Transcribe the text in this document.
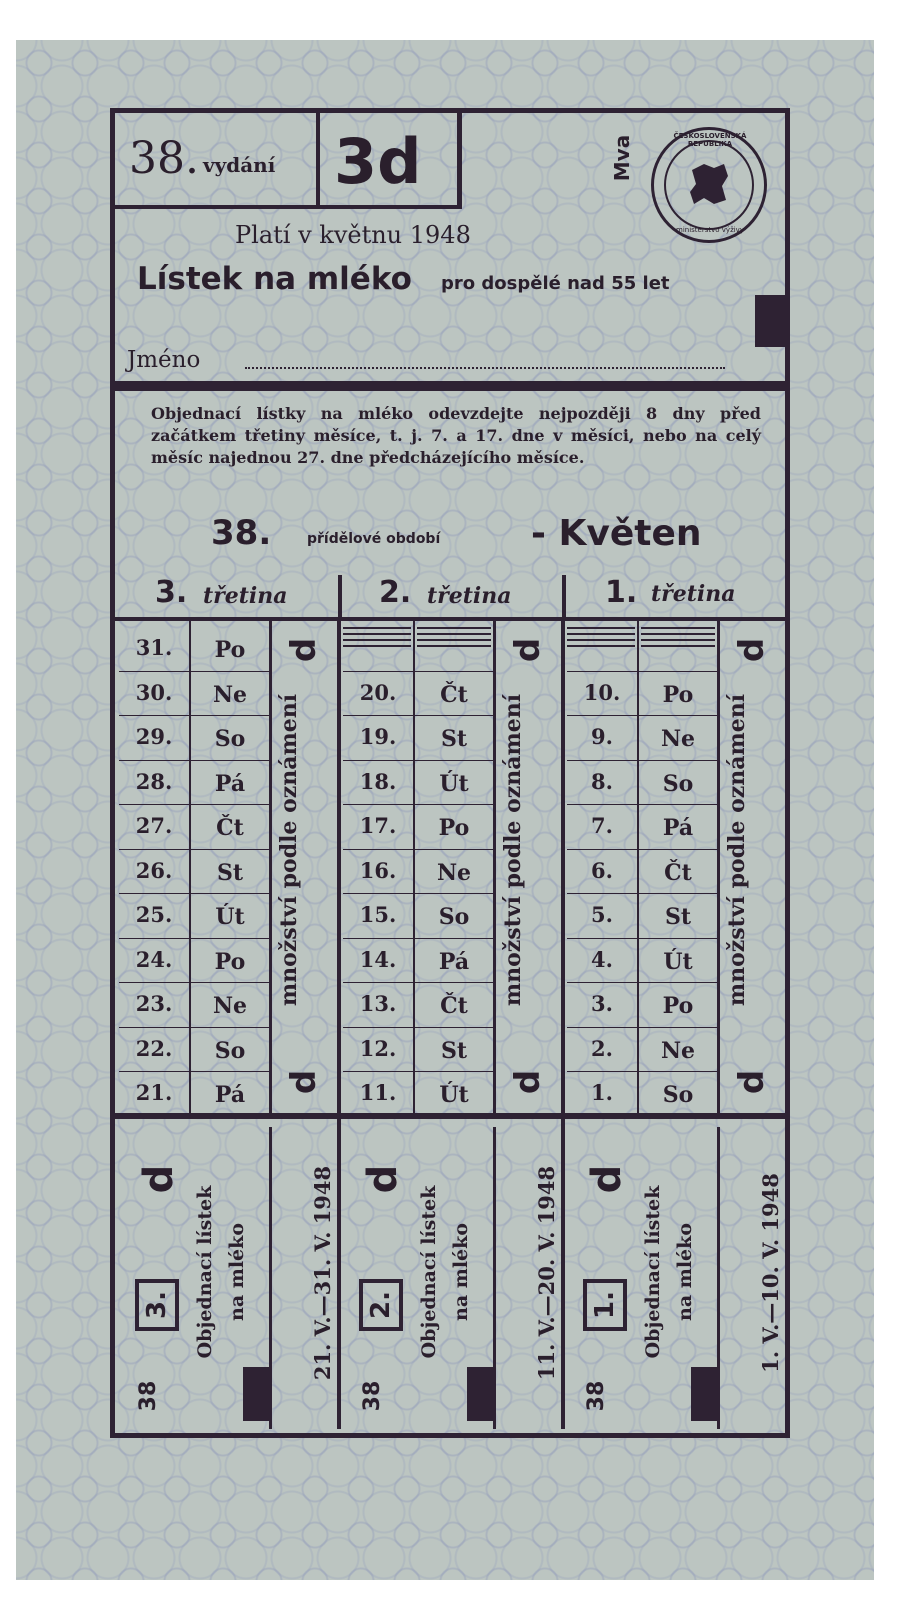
38. vydání 3d	Mva	ČESKOSLOVENSKÁ REPUBLIKA
ministerstvo výživy
Platí v květnu 1948
Lístek na mléko pro dospělé nad 55 let
Jméno
Objednací lístky na mléko odevzdejte nejpozději 8 dny před začátkem třetiny měsíce, t. j. 7. a 17. dne v měsíci, nebo na celý měsíc najednou 27. dne předcházejícího měsíce.
38.	přídělové období	- Květen
3. třetina	2. třetina	1. třetina
31.	Po
30.	Ne
29.	So
28.	Pá
27.	Čt
26.	St
25.	Út
24.	Po
23.	Ne
22.	So
21.	Pá
d
d
množství podle oznámení
20.	Čt
19.	St
18.	Út
17.	Po
16.	Ne
15.	So
14.	Pá
13.	Čt
12.	St
11.	Út
d
d
množství podle oznámení
10.	Po
9.	Ne
8.	So
7.	Pá
6.	Čt
5.	St
4.	Út
3.	Po
2.	Ne
1.	So
d
d
množství podle oznámení
d
3.
38
Objednací lístek na mléko	21. V.—31. V. 1948 d
2.
38
Objednací lístek na mléko	11. V.—20. V. 1948 d
1.
38
Objednací lístek na mléko	1. V.—10. V. 1948
